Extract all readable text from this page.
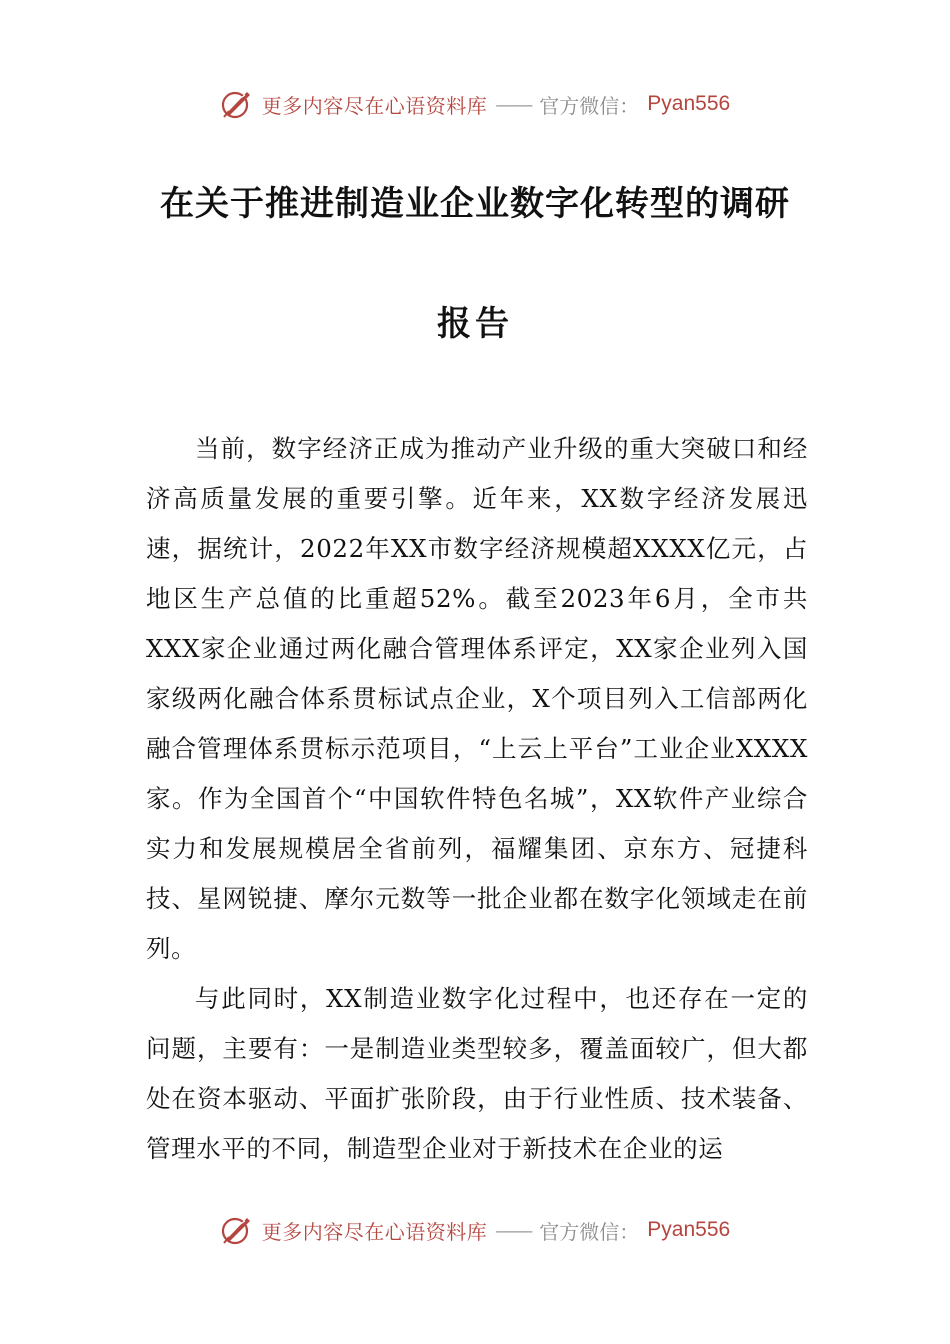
更多内容尽在心语资料库 —— 官方微信： Pyan556
在关于推进制造业企业数字化转型的调研
报告

当前，数字经济正成为推动产业升级的重大突破口和经济高质量发展的重要引擎。近年来，XX数字经济发展迅速，据统计，2022年XX市数字经济规模超XXXX亿元，占地区生产总值的比重超52%。截至2023年6月，全市共XXX家企业通过两化融合管理体系评定，XX家企业列入国家级两化融合体系贯标试点企业，X个项目列入工信部两化融合管理体系贯标示范项目，“上云上平台”工业企业XXXX家。作为全国首个“中国软件特色名城”，XX软件产业综合实力和发展规模居全省前列，福耀集团、京东方、冠捷科技、星网锐捷、摩尔元数等一批企业都在数字化领域走在前列。

与此同时，XX制造业数字化过程中，也还存在一定的问题，主要有：一是制造业类型较多，覆盖面较广，但大都处在资本驱动、平面扩张阶段，由于行业性质、技术装备、管理水平的不同，制造型企业对于新技术在企业的运

更多内容尽在心语资料库 —— 官方微信： Pyan556
